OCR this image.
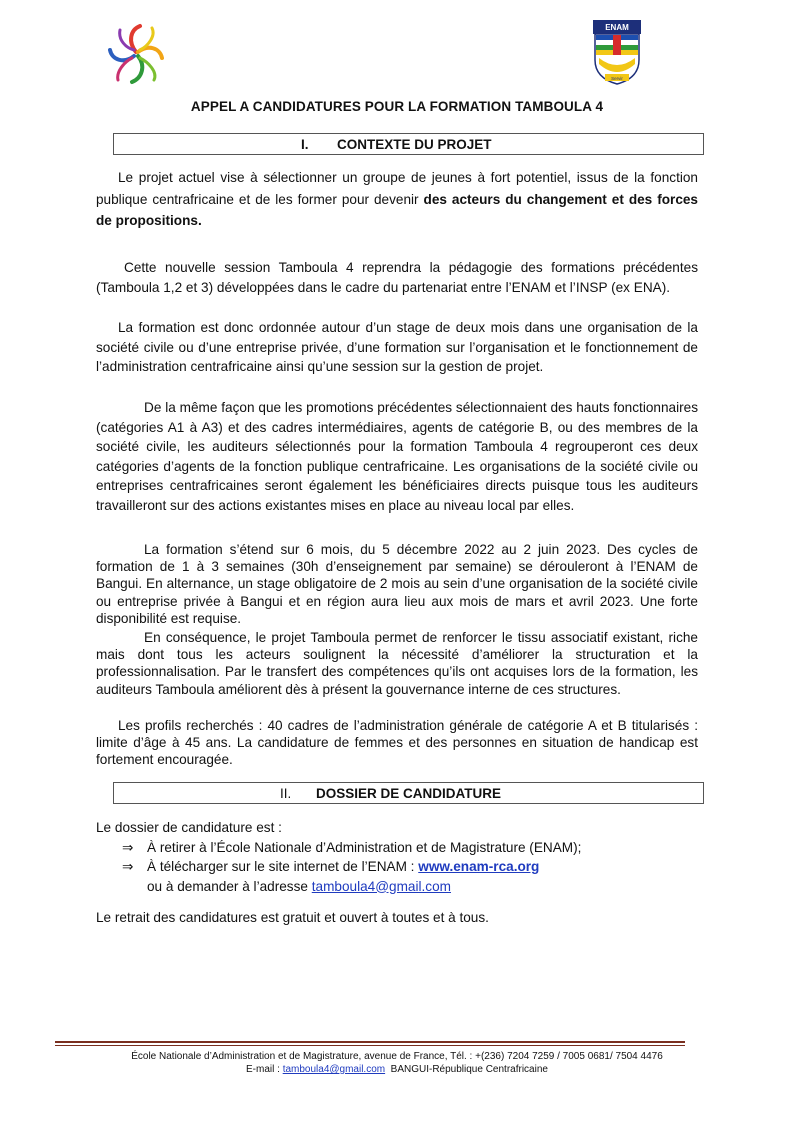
ENAM
Servir
APPEL A CANDIDATURES POUR LA FORMATION TAMBOULA 4
I. CONTEXTE DU PROJET
Le projet actuel vise à sélectionner un groupe de jeunes à fort potentiel, issus de la fonction publique centrafricaine et de les former pour devenir des acteurs du changement et des forces de propositions.
Cette nouvelle session Tamboula 4 reprendra la pédagogie des formations précédentes (Tamboula 1,2 et 3) développées dans le cadre du partenariat entre l’ENAM et l’INSP (ex ENA).
La formation est donc ordonnée autour d’un stage de deux mois dans une organisation de la société civile ou d’une entreprise privée, d’une formation sur l’organisation et le fonctionnement de l’administration centrafricaine ainsi qu’une session sur la gestion de projet.
De la même façon que les promotions précédentes sélectionnaient des hauts fonctionnaires (catégories A1 à A3) et des cadres intermédiaires, agents de catégorie B, ou des membres de la société civile, les auditeurs sélectionnés pour la formation Tamboula 4 regrouperont ces deux catégories d’agents de la fonction publique centrafricaine. Les organisations de la société civile ou entreprises centrafricaines seront également les bénéficiaires directs puisque tous les auditeurs travailleront sur des actions existantes mises en place au niveau local par elles.
La formation s’étend sur 6 mois, du 5 décembre 2022 au 2 juin 2023. Des cycles de formation de 1 à 3 semaines (30h d’enseignement par semaine) se dérouleront à l’ENAM de Bangui. En alternance, un stage obligatoire de 2 mois au sein d’une organisation de la société civile ou entreprise privée à Bangui et en région aura lieu aux mois de mars et avril 2023. Une forte disponibilité est requise.
En conséquence, le projet Tamboula permet de renforcer le tissu associatif existant, riche mais dont tous les acteurs soulignent la nécessité d’améliorer la structuration et la professionnalisation. Par le transfert des compétences qu’ils ont acquises lors de la formation, les auditeurs Tamboula améliorent dès à présent la gouvernance interne de ces structures.
Les profils recherchés : 40 cadres de l’administration générale de catégorie A et B titularisés : limite d’âge à 45 ans. La candidature de femmes et des personnes en situation de handicap est fortement encouragée.
II. DOSSIER DE CANDIDATURE
Le dossier de candidature est :
⇒ À retirer à l’École Nationale d’Administration et de Magistrature (ENAM);
⇒ À télécharger sur le site internet de l’ENAM : www.enam-rca.org
ou à demander à l’adresse tamboula4@gmail.com
Le retrait des candidatures est gratuit et ouvert à toutes et à tous.
École Nationale d’Administration et de Magistrature, avenue de France, Tél. : +(236) 7204 7259 / 7005 0681/ 7504 4476
E-mail : tamboula4@gmail.com  BANGUI-République Centrafricaine
